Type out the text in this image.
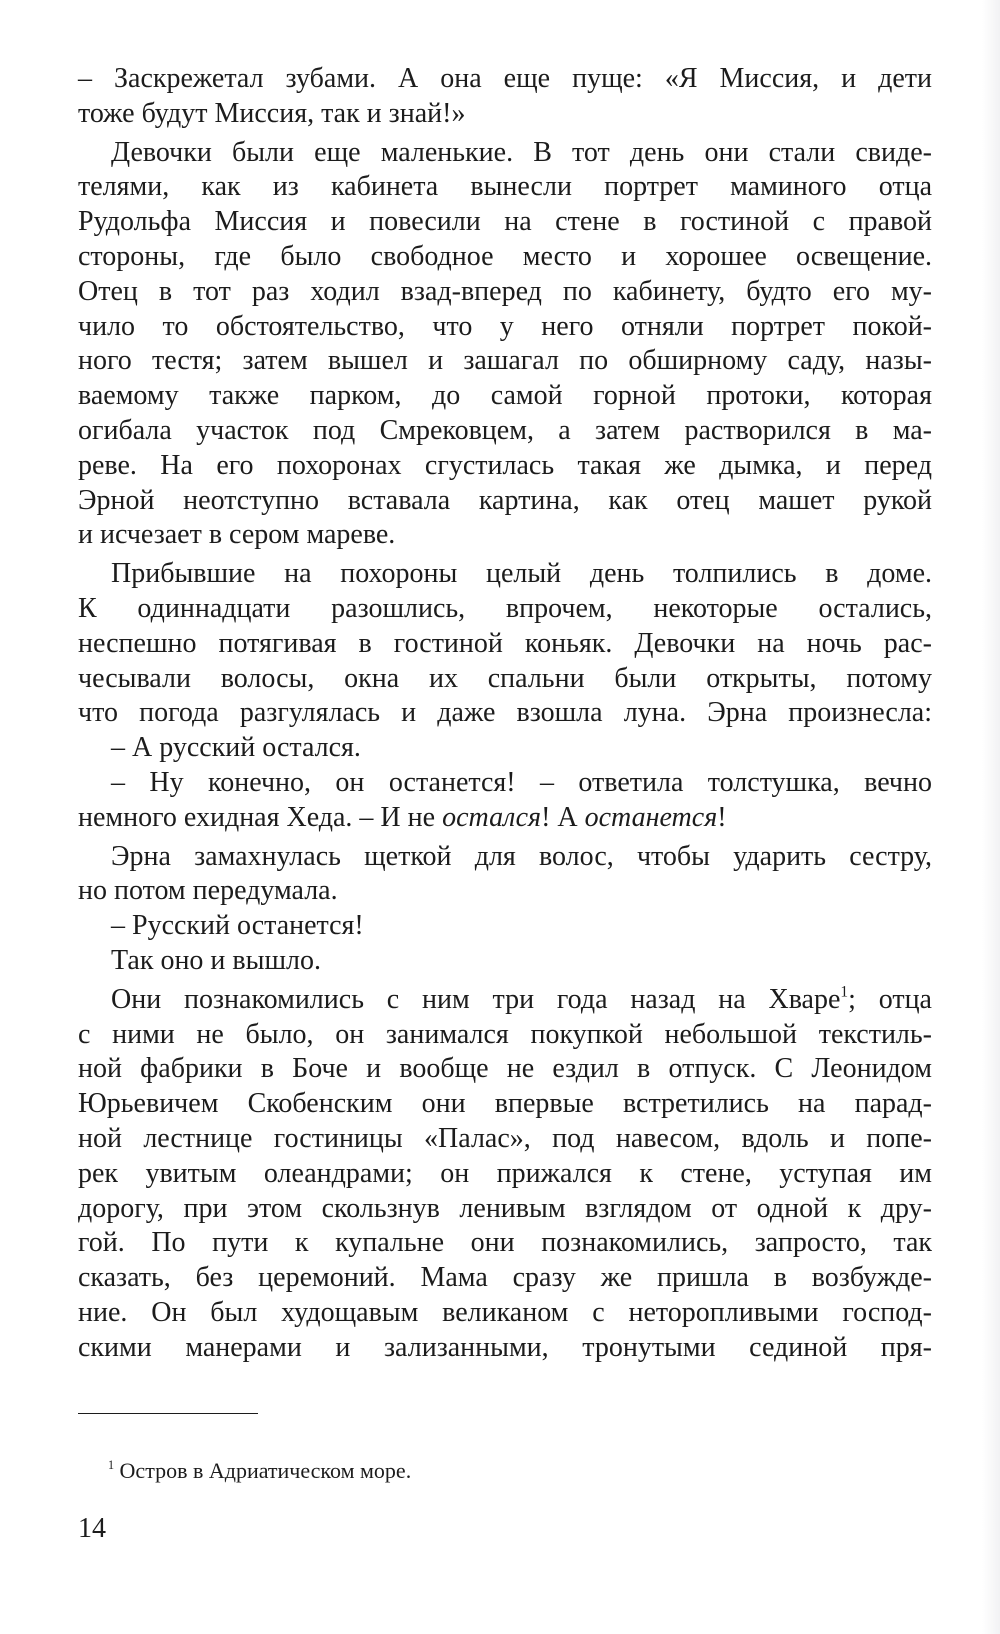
– Заскрежетал зубами. А она еще пуще: «Я Миссия, и дети
тоже будут Миссия, так и знай!»
Девочки были еще маленькие. В тот день они стали свиде-
телями, как из кабинета вынесли портрет маминого отца
Рудольфа Миссия и повесили на стене в гостиной с правой
стороны, где было свободное место и хорошее освещение.
Отец в тот раз ходил взад-вперед по кабинету, будто его му-
чило то обстоятельство, что у него отняли портрет покой-
ного тестя; затем вышел и зашагал по обширному саду, назы-
ваемому также парком, до самой горной протоки, которая
огибала участок под Смрековцем, а затем растворился в ма-
реве. На его похоронах сгустилась такая же дымка, и перед
Эрной неотступно вставала картина, как отец машет рукой
и исчезает в сером мареве.
Прибывшие на похороны целый день толпились в доме.
К одиннадцати разошлись, впрочем, некоторые остались,
неспешно потягивая в гостиной коньяк. Девочки на ночь рас-
чесывали волосы, окна их спальни были открыты, потому
что погода разгулялась и даже взошла луна. Эрна произнесла:
– А русский остался.
– Ну конечно, он останется! – ответила толстушка, вечно
немного ехидная Хеда. – И не остался! А останется!
Эрна замахнулась щеткой для волос, чтобы ударить сестру,
но потом передумала.
– Русский останется!
Так оно и вышло.
Они познакомились с ним три года назад на Хваре$^1$; отца
с ними не было, он занимался покупкой небольшой текстиль-
ной фабрики в Боче и вообще не ездил в отпуск. С Леонидом
Юрьевичем Скобенским они впервые встретились на парад-
ной лестнице гостиницы «Палас», под навесом, вдоль и попе-
рек увитым олеандрами; он прижался к стене, уступая им
дорогу, при этом скользнув ленивым взглядом от одной к дру-
гой. По пути к купальне они познакомились, запросто, так
сказать, без церемоний. Мама сразу же пришла в возбужде-
ние. Он был худощавым великаном с неторопливыми господ-
скими манерами и зализанными, тронутыми сединой пря-
$^1$ Остров в Адриатическом море.
14
